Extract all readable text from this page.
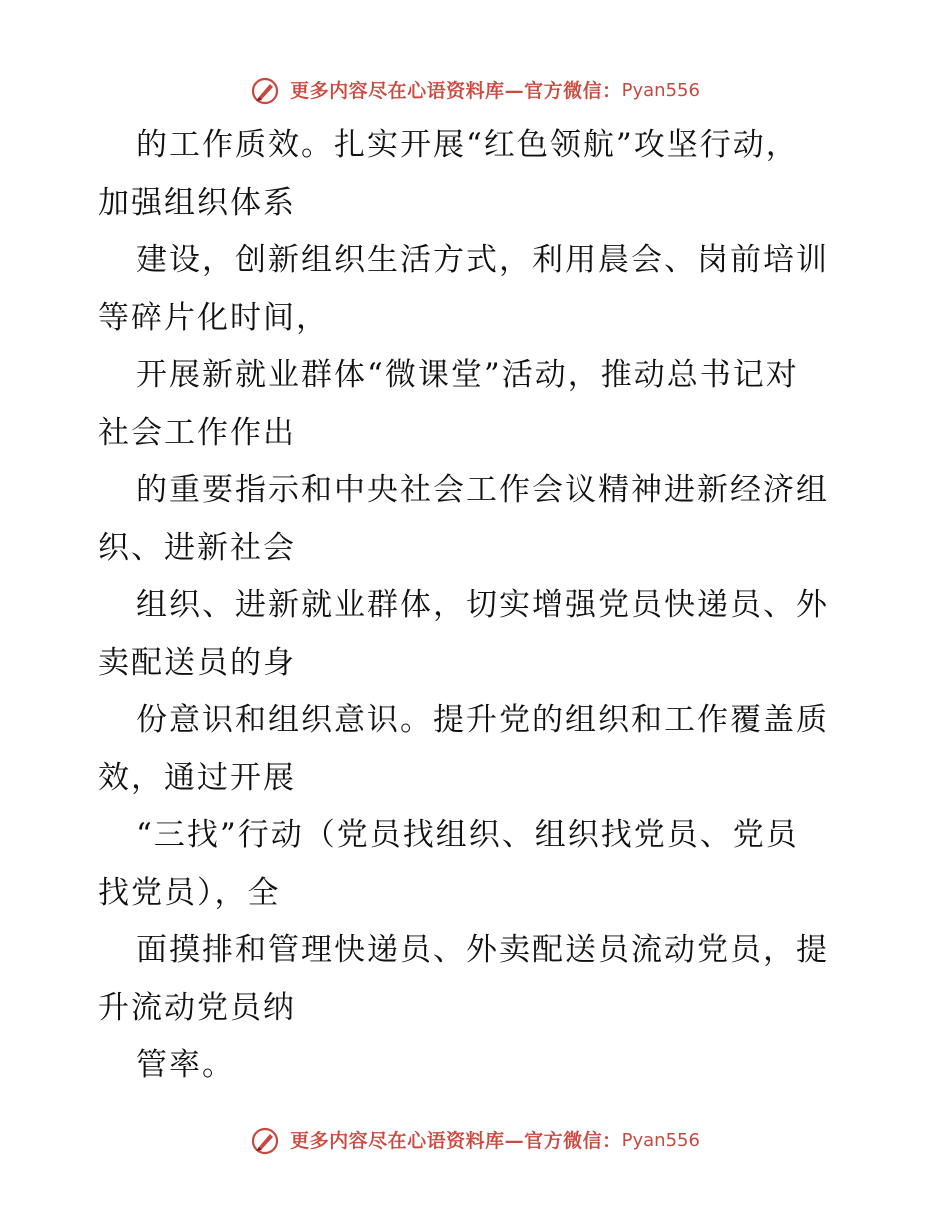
更多内容尽在心语资料库—官方微信：Pyan556
的工作质效。扎实开展“红色领航”攻坚行动，
加强组织体系
建设，创新组织生活方式，利用晨会、岗前培训
等碎片化时间，
开展新就业群体“微课堂”活动，推动总书记对
社会工作作出
的重要指示和中央社会工作会议精神进新经济组
织、进新社会
组织、进新就业群体，切实增强党员快递员、外
卖配送员的身
份意识和组织意识。提升党的组织和工作覆盖质
效，通过开展
“三找”行动（党员找组织、组织找党员、党员
找党员），全
面摸排和管理快递员、外卖配送员流动党员，提
升流动党员纳
管率。
更多内容尽在心语资料库—官方微信：Pyan556
